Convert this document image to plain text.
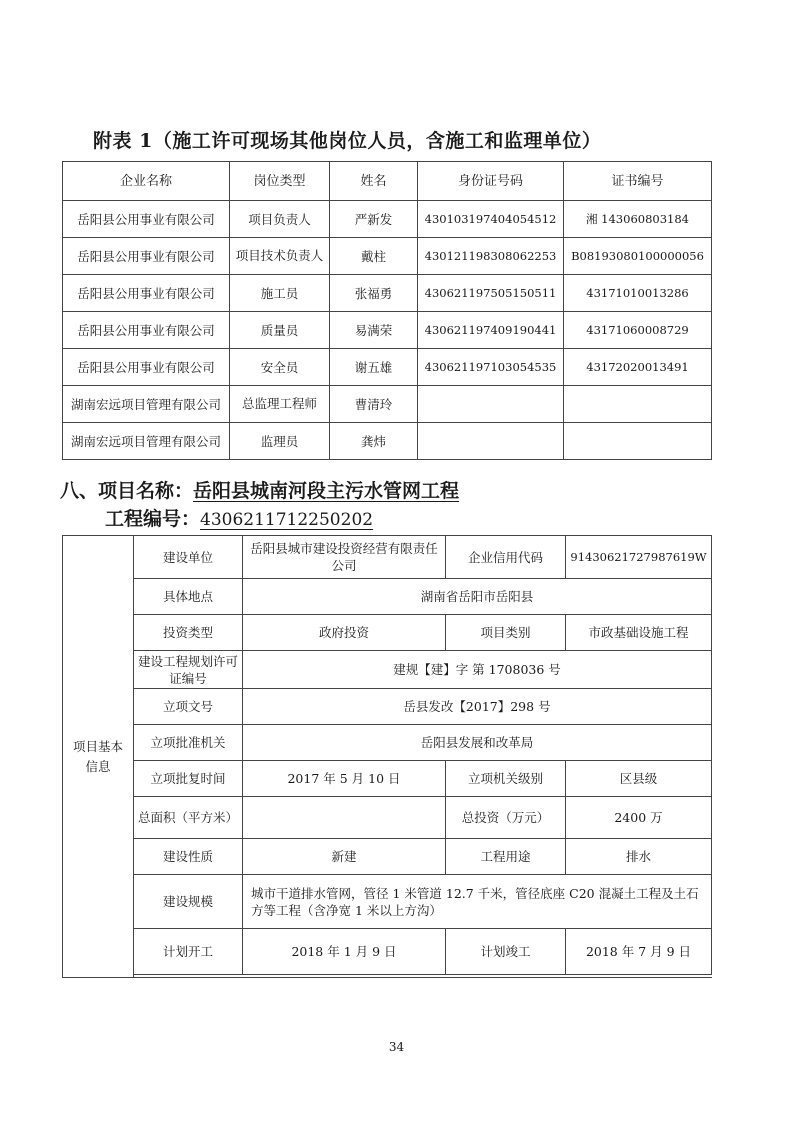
附表 1（施工许可现场其他岗位人员，含施工和监理单位）
企业名称	岗位类型	姓名	身份证号码	证书编号
岳阳县公用事业有限公司	项目负责人	严新发	430103197404054512	湘 143060803184
岳阳县公用事业有限公司	项目技术负责人	戴柱	430121198308062253	B08193080100000056
岳阳县公用事业有限公司	施工员	张福勇	430621197505150511	43171010013286
岳阳县公用事业有限公司	质量员	易满荣	430621197409190441	43171060008729
岳阳县公用事业有限公司	安全员	谢五雄	430621197103054535	43172020013491
湖南宏远项目管理有限公司	总监理工程师	曹清玲		
湖南宏远项目管理有限公司	监理员	龚炜		
八、项目名称：岳阳县城南河段主污水管网工程
工程编号：4306211712250202
项目基本信息	建设单位	岳阳县城市建设投资经营有限责任公司	企业信用代码	91430621727987619W
	具体地点	湖南省岳阳市岳阳县		
	投资类型	政府投资	项目类别	市政基础设施工程
	建设工程规划许可证编号	建规【建】字 第 1708036 号		
	立项文号	岳县发改【2017】298 号		
	立项批准机关	岳阳县发展和改革局		
	立项批复时间	2017 年 5 月 10 日	立项机关级别	区县级
	总面积（平方米）		总投资（万元）	2400 万
	建设性质	新建	工程用途	排水
	建设规模	城市干道排水管网，管径 1 米管道 12.7 千米，管径底座 C20 混凝土工程及土石方等工程（含净宽 1 米以上方沟）		
	计划开工	2018 年 1 月 9 日	计划竣工	2018 年 7 月 9 日

34
